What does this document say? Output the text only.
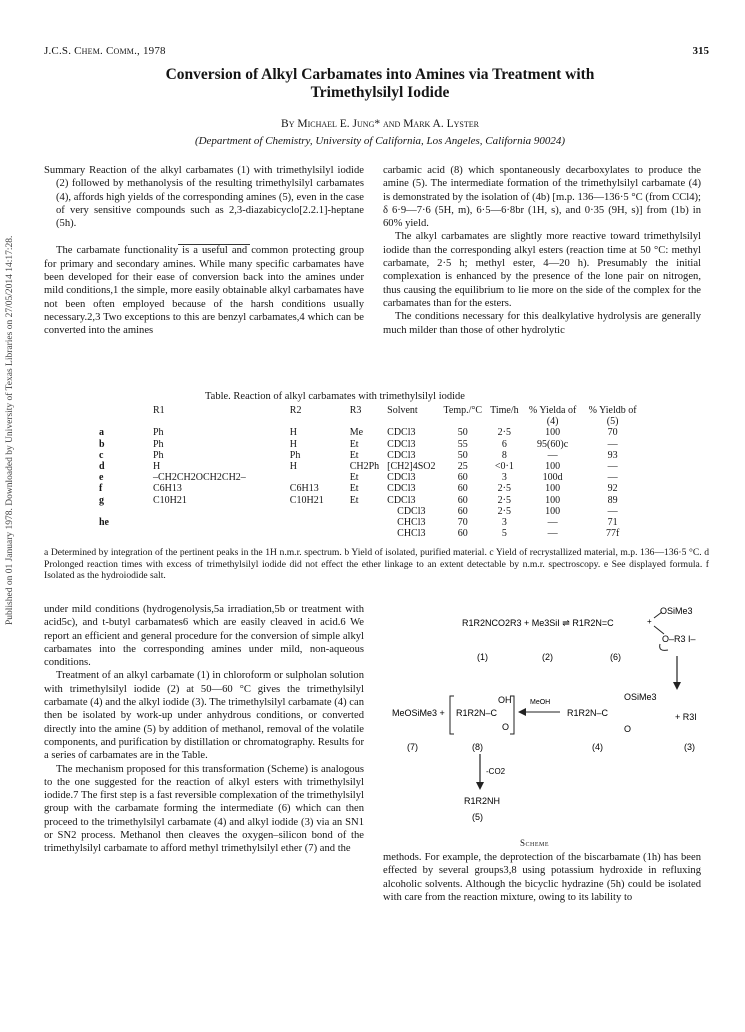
Published on 01 January 1978. Downloaded by University of Texas Libraries on 27/05/2014 14:17:28.
J.C.S. Chem. Comm., 1978	315
Conversion of Alkyl Carbamates into Amines via Treatment with
Trimethylsilyl Iodide
By Michael E. Jung* and Mark A. Lyster
(Department of Chemistry, University of California, Los Angeles, California 90024)

Summary Reaction of the alkyl carbamates (1) with trimethylsilyl iodide (2) followed by methanolysis of the resulting trimethylsilyl carbamates (4), affords high yields of the corresponding amines (5), even in the case of very sensitive compounds such as 2,3-diazabicyclo[2.2.1]-heptane (5h).

The carbamate functionality is a useful and common protecting group for primary and secondary amines. While many specific carbamates have been developed for their ease of conversion back into the amines under mild conditions,1 the simple, more easily obtainable alkyl carbamates have not been often employed because of the harsh conditions usually necessary.2,3 Two exceptions to this are benzyl carbamates,4 which can be converted into the amines

carbamic acid (8) which spontaneously decarboxylates to produce the amine (5). The intermediate formation of the trimethylsilyl carbamate (4) is demonstrated by the isolation of (4b) [m.p. 136—136·5 °C (from CCl4); δ 6·9—7·6 (5H, m), 6·5—6·8br (1H, s), and 0·35 (9H, s)] from (1b) in 60% yield.

The alkyl carbamates are slightly more reactive toward trimethylsilyl iodide than the corresponding alkyl esters (reaction time at 50 °C: methyl carbamate, 2·5 h; methyl ester, 4—20 h). Presumably the initial complexation is enhanced by the presence of the lone pair on nitrogen, thus causing the equilibrium to lie more on the side of the complex for the carbamates than for the esters.

The conditions necessary for this dealkylative hydrolysis are generally much milder than those of other hydrolytic

Table. Reaction of alkyl carbamates with trimethylsilyl iodide
	R1	R2	R3	Solvent	Temp./°C	Time/h	% Yielda of (4)	% Yieldb of (5)
a	Ph	H	Me	CDCl3	50	2·5	100	70
b	Ph	H	Et	CDCl3	55	6	95(60)c	—
c	Ph	Ph	Et	CDCl3	50	8	—	93
d	H	H	CH2Ph	[CH2]4SO2	25	<0·1	100	—
e	–CH2CH2OCH2CH2–		Et	CDCl3	60	3	100d	—
f	C6H13	C6H13	Et	CDCl3	60	2·5	100	92
g	C10H21	C10H21	Et	CDCl3	60	2·5	100	89
				CDCl3	60	2·5	100	—
he				CHCl3	70	3	—	71
				CHCl3	60	5	—	77f
a Determined by integration of the pertinent peaks in the 1H n.m.r. spectrum. b Yield of isolated, purified material. c Yield of recrystallized material, m.p. 136—136·5 °C. d Prolonged reaction times with excess of trimethylsilyl iodide did not effect the ether linkage to an extent detectable by n.m.r. spectroscopy. e See displayed formula. f Isolated as the hydroiodide salt.

under mild conditions (hydrogenolysis,5a irradiation,5b or treatment with acid5c), and t-butyl carbamates6 which are easily cleaved in acid.6 We report an efficient and general procedure for the conversion of simple alkyl carbamates into the corresponding amines under mild, non-aqueous conditions.

Treatment of an alkyl carbamate (1) in chloroform or sulpholan solution with trimethylsilyl iodide (2) at 50—60 °C gives the trimethylsilyl carbamate (4) and the alkyl iodide (3). The trimethylsilyl carbamate (4) can then be isolated by work-up under anhydrous conditions, or converted directly into the amine (5) by addition of methanol, removal of the volatile components, and purification by distillation or chromatography. Results for a series of carbamates are in the Table.

The mechanism proposed for this transformation (Scheme) is analogous to the one suggested for the reaction of alkyl esters with trimethylsilyl iodide.7 The first step is a fast reversible complexation of the trimethylsilyl group with the carbamate forming the intermediate (6) which can then proceed to the trimethylsilyl carbamate (4) and alkyl iodide (3) via an SN1 or SN2 process. Methanol then cleaves the oxygen–silicon bond of the trimethylsilyl carbamate to afford methyl trimethylsilyl ether (7) and the

R1R2NCO2R3 + Me3SiI ⇌ R1R2N=C
OSiMe3
O–R3 I–
+
(1)	(2)	(6)
MeOSiMe3 + R1R2N–C
OH
O
MeOH
R1R2N–C
OSiMe3
O
+ R3I
(7)	(8)	(4)	(3)
-CO2
R1R2NH
(5)
Scheme

methods. For example, the deprotection of the biscarbamate (1h) has been effected by several groups3,8 using potassium hydroxide in refluxing alcoholic solvents. Although the bicyclic hydrazine (5h) could be isolated with care from the reaction mixture, owing to its lability to
